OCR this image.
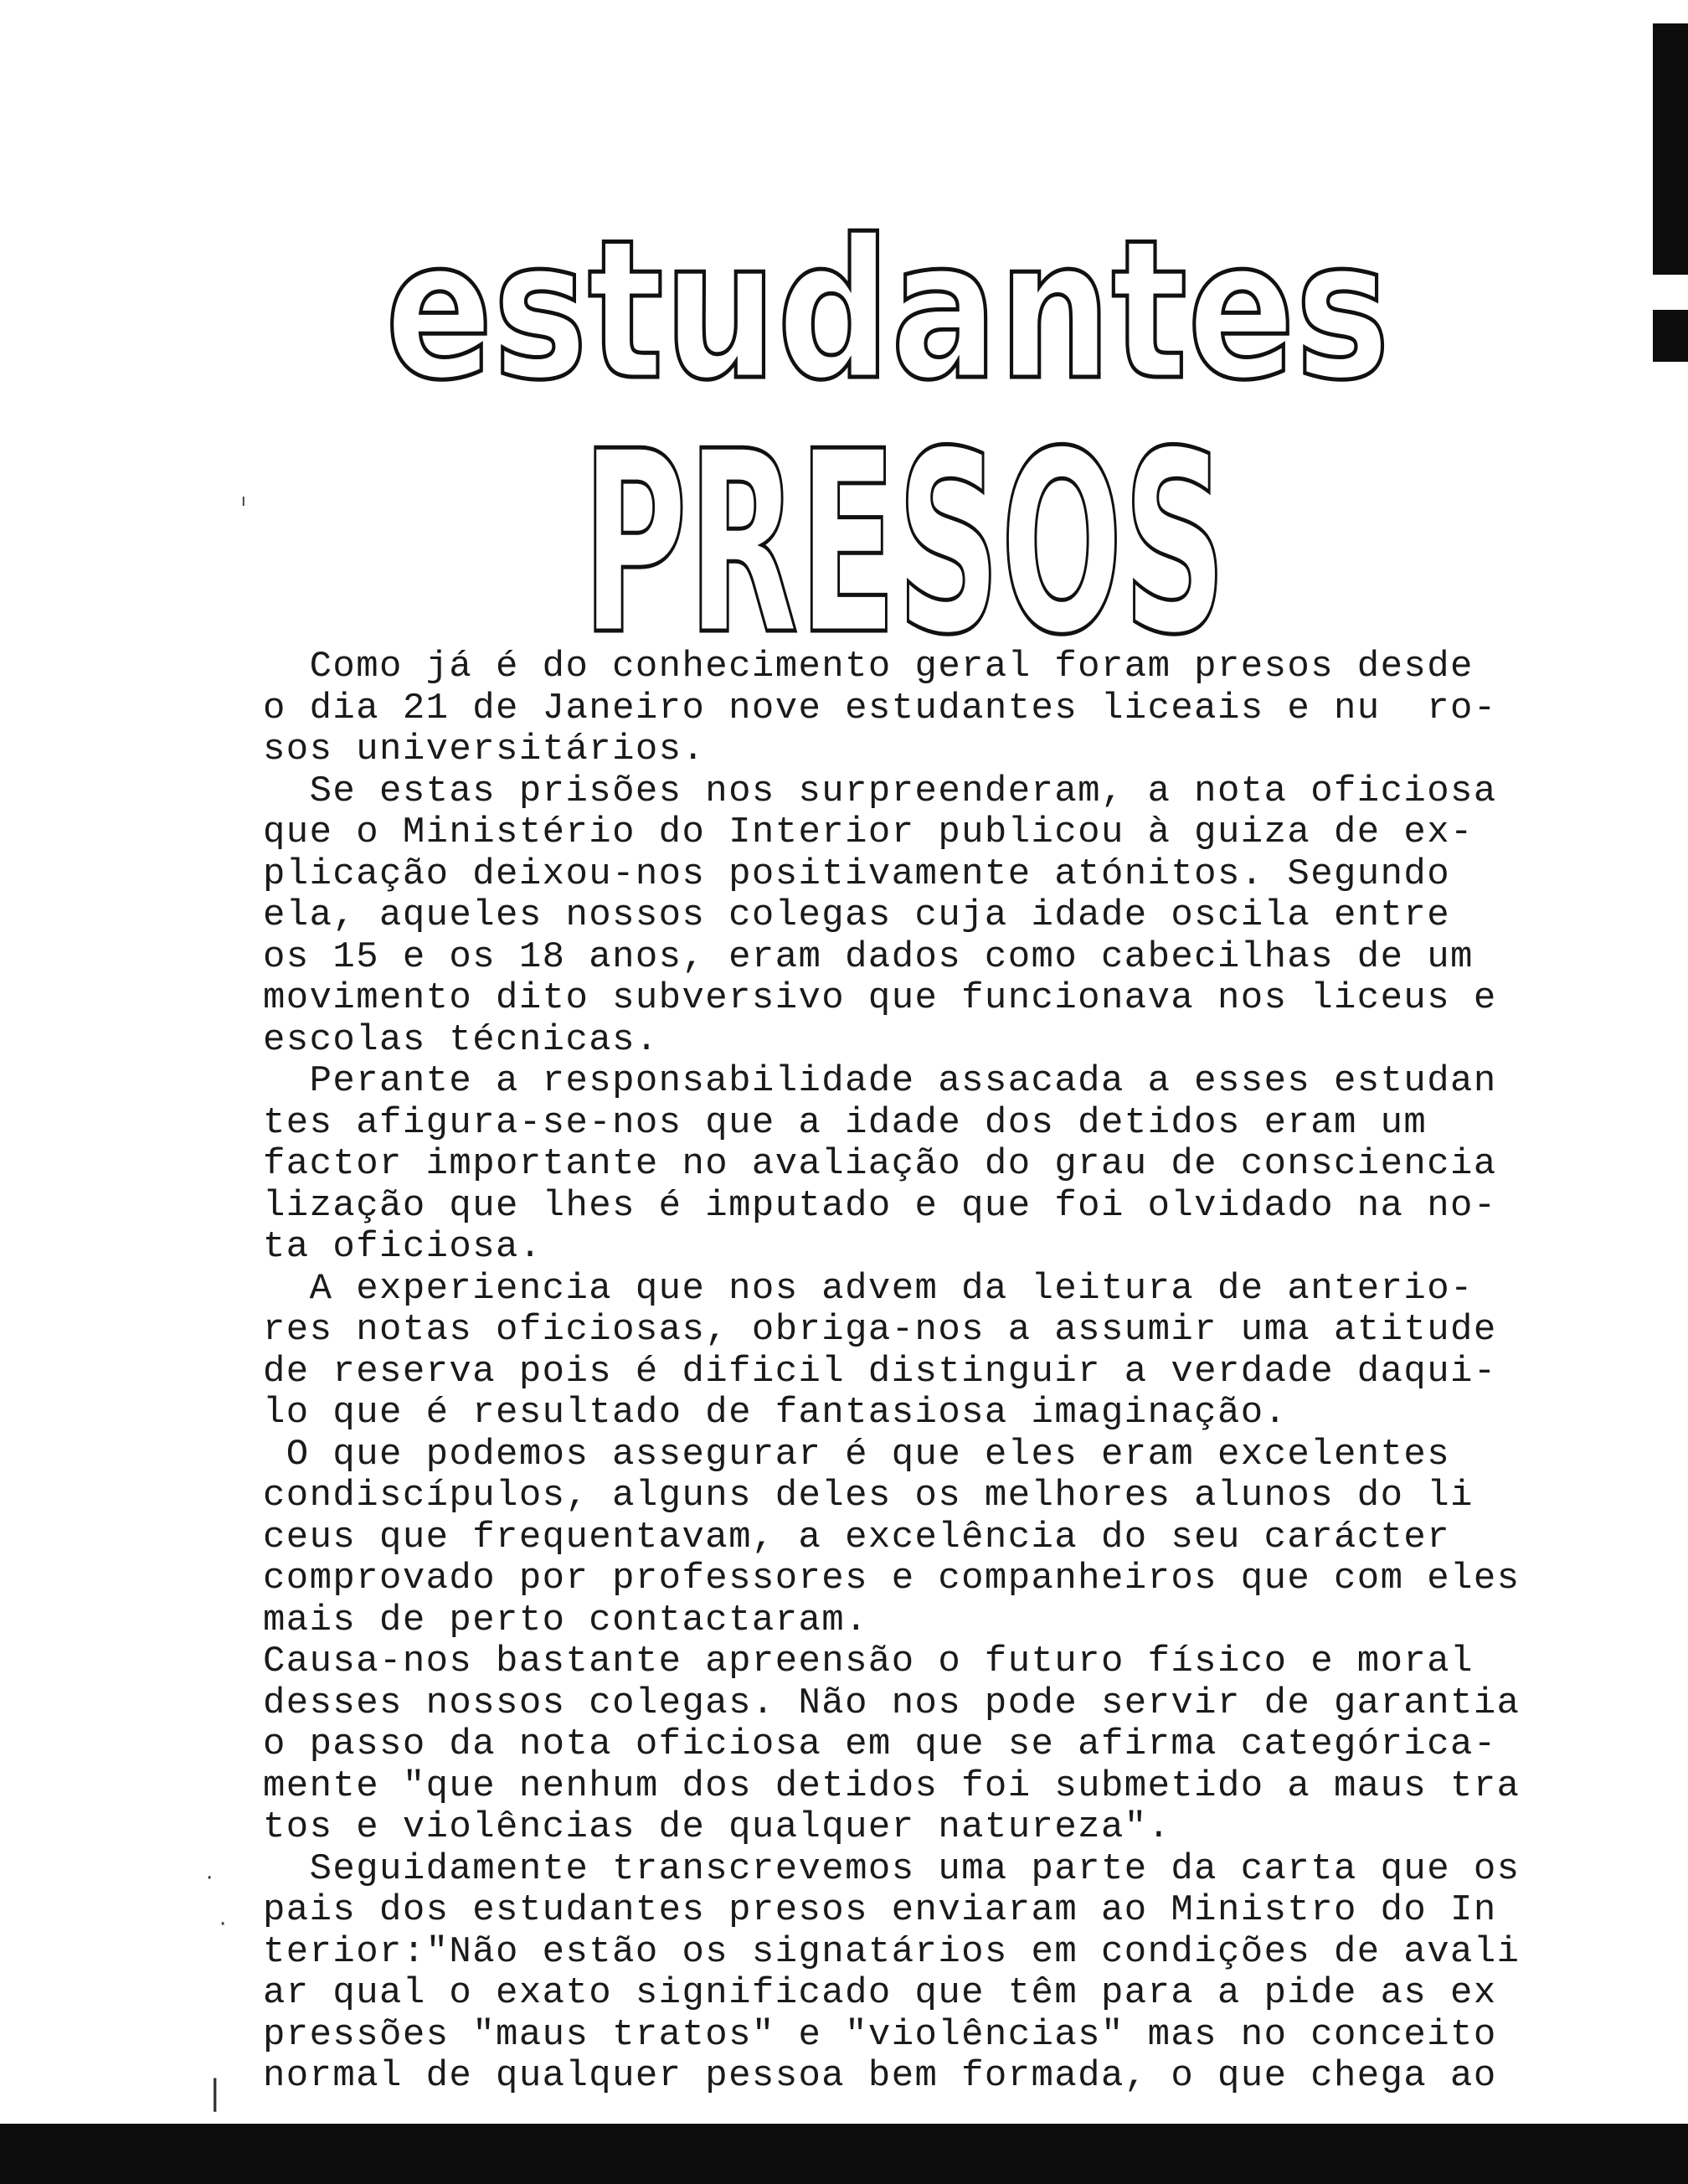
estudantes
PRESOS
Como já é do conhecimento geral foram presos desde
o dia 21 de Janeiro nove estudantes liceais e nu  ro-
sos universitários.
Se estas prisões nos surpreenderam, a nota oficiosa
que o Ministério do Interior publicou à guiza de ex-
plicação deixou-nos positivamente atónitos. Segundo
ela, aqueles nossos colegas cuja idade oscila entre
os 15 e os 18 anos, eram dados como cabecilhas de um
movimento dito subversivo que funcionava nos liceus e
escolas técnicas.
Perante a responsabilidade assacada a esses estudan
tes afigura-se-nos que a idade dos detidos eram um
factor importante no avaliação do grau de consciencia
lização que lhes é imputado e que foi olvidado na no-
ta oficiosa.
A experiencia que nos advem da leitura de anterio-
res notas oficiosas, obriga-nos a assumir uma atitude
de reserva pois é dificil distinguir a verdade daqui-
lo que é resultado de fantasiosa imaginação.
O que podemos assegurar é que eles eram excelentes
condiscípulos, alguns deles os melhores alunos do li
ceus que frequentavam, a excelência do seu carácter
comprovado por professores e companheiros que com eles
mais de perto contactaram.
Causa-nos bastante apreensão o futuro físico e moral
desses nossos colegas. Não nos pode servir de garantia
o passo da nota oficiosa em que se afirma categórica-
mente "que nenhum dos detidos foi submetido a maus tra
tos e violências de qualquer natureza".
Seguidamente transcrevemos uma parte da carta que os
pais dos estudantes presos enviaram ao Ministro do In
terior:"Não estão os signatários em condições de avali
ar qual o exato significado que têm para a pide as ex
pressões "maus tratos" e "violências" mas no conceito
normal de qualquer pessoa bem formada, o que chega ao
ı
·
·
|
